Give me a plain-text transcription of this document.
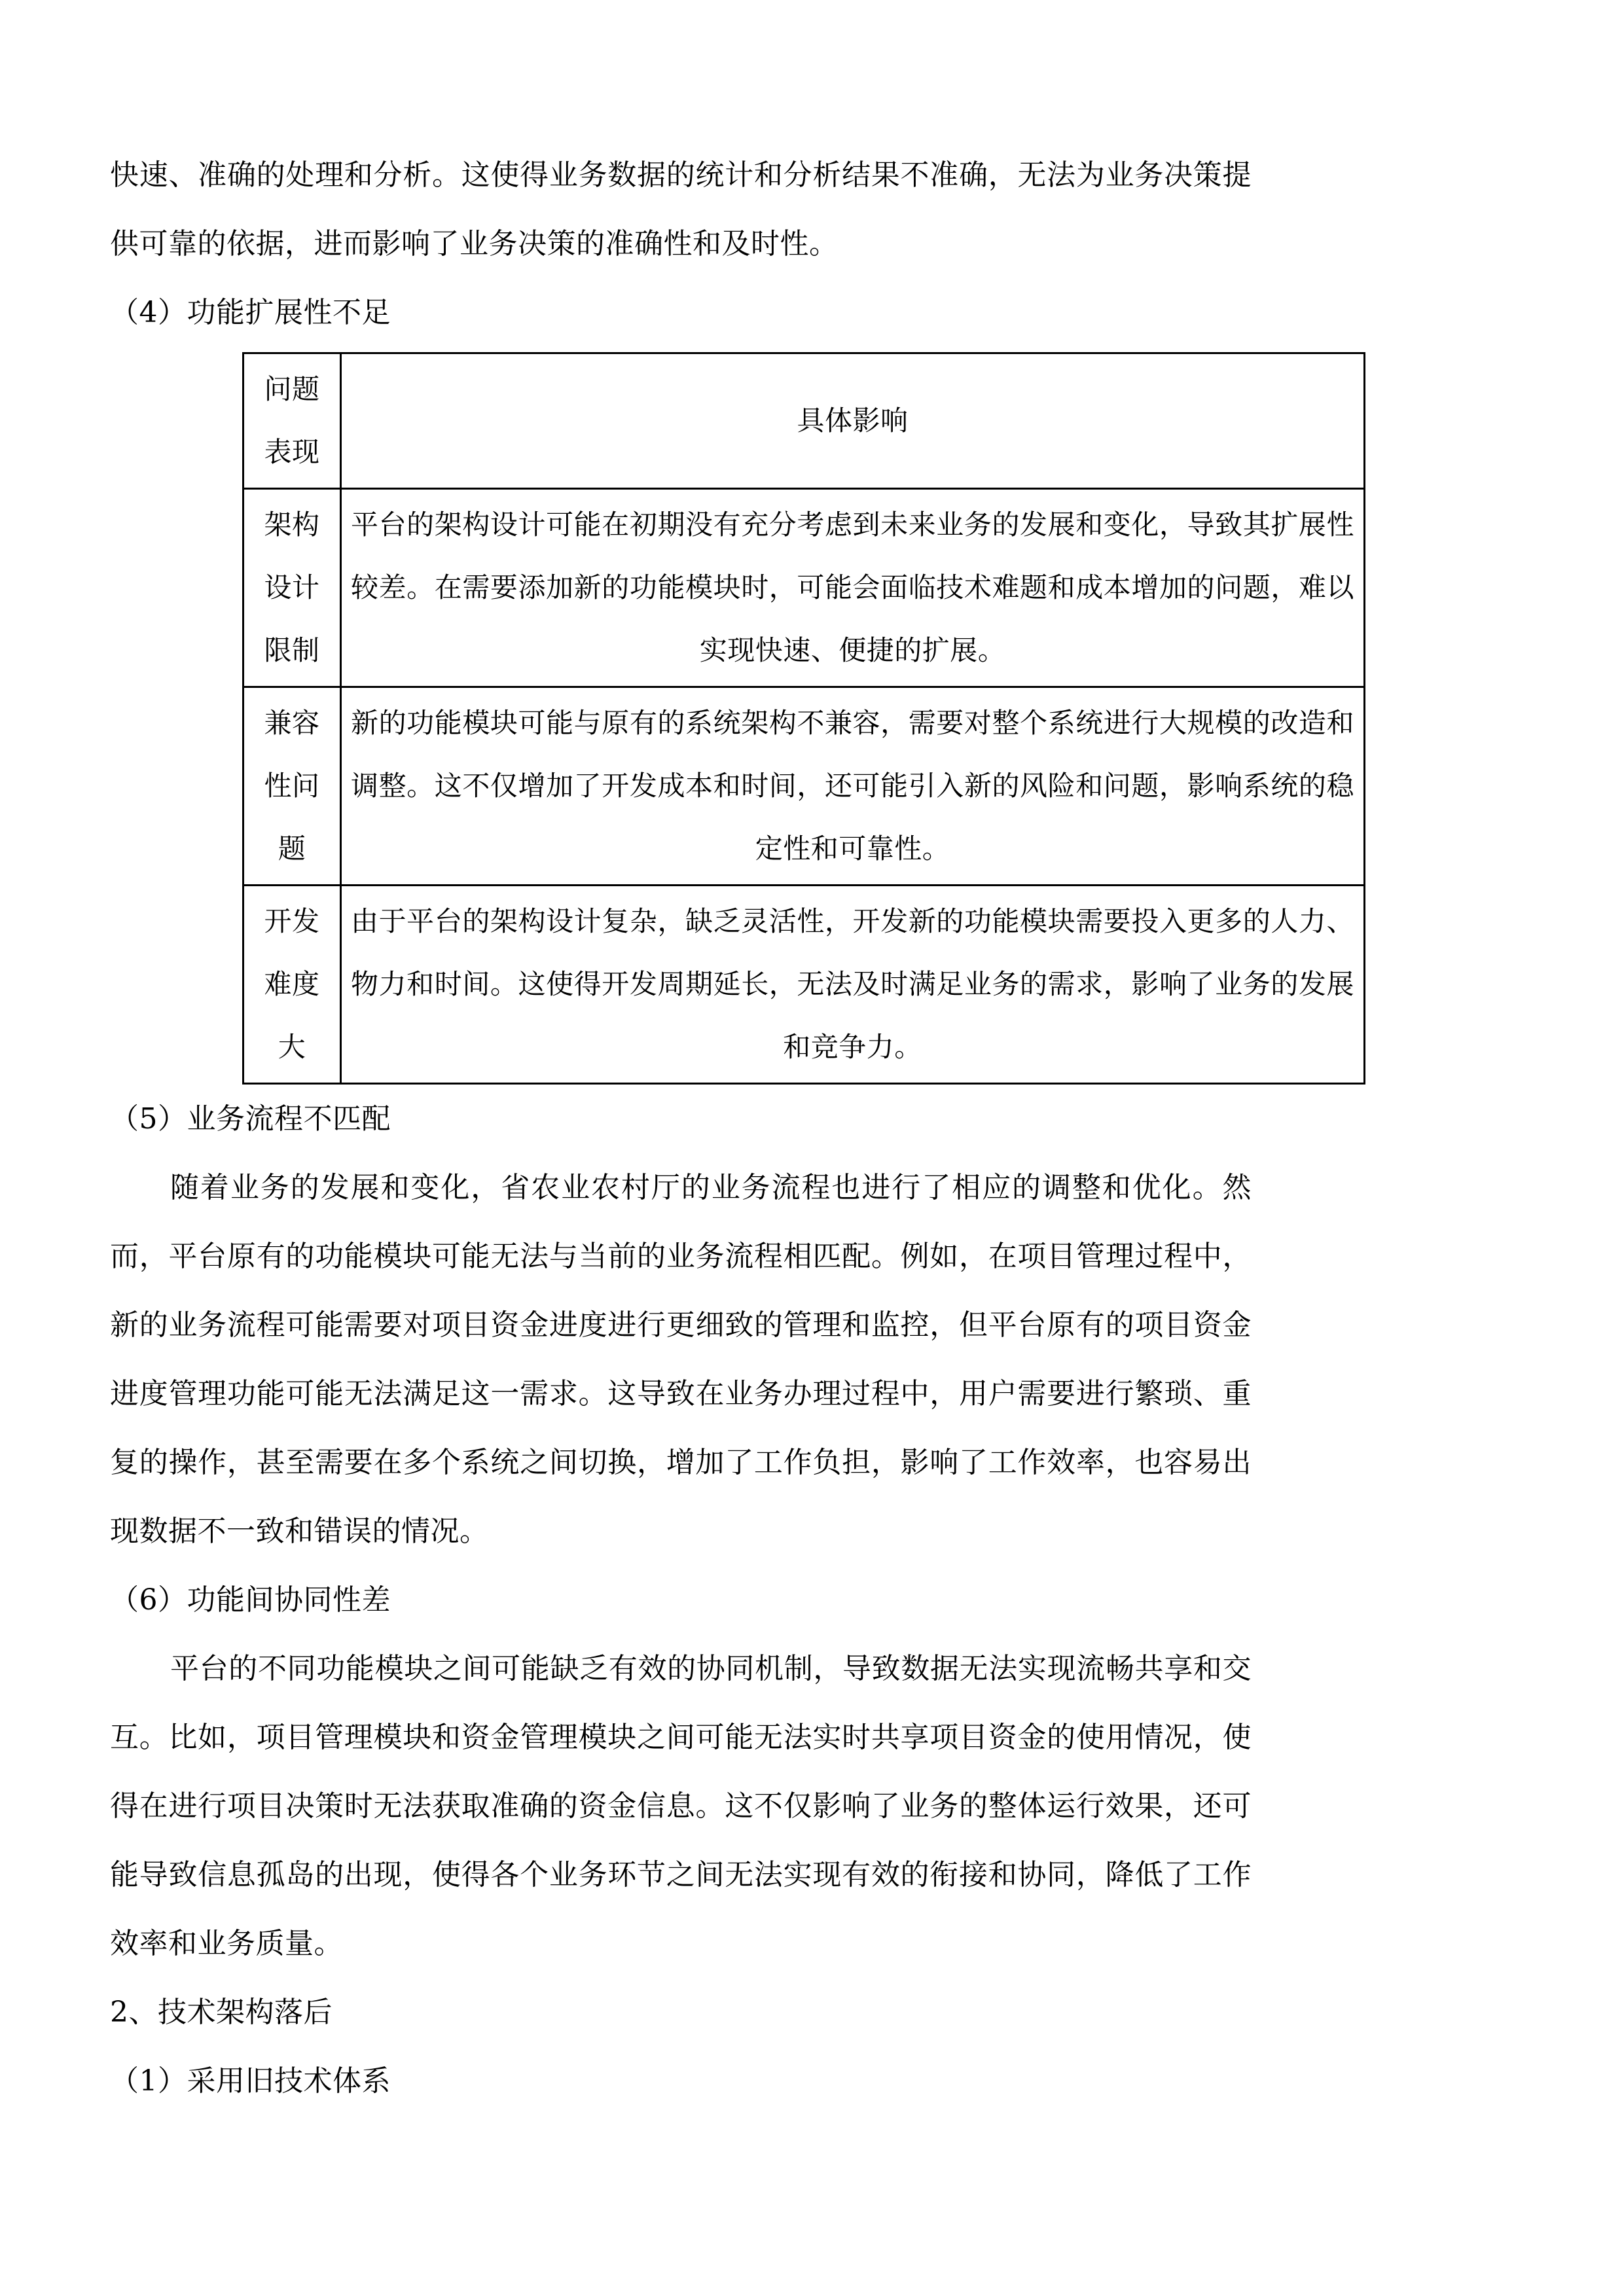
快速、准确的处理和分析。这使得业务数据的统计和分析结果不准确，无法为业务决策提供可靠的依据，进而影响了业务决策的准确性和及时性。

（4）功能扩展性不足

问题表现	具体影响
架构设计限制	平台的架构设计可能在初期没有充分考虑到未来业务的发展和变化，导致其扩展性较差。在需要添加新的功能模块时，可能会面临技术难题和成本增加的问题，难以实现快速、便捷的扩展。
兼容性问题	新的功能模块可能与原有的系统架构不兼容，需要对整个系统进行大规模的改造和调整。这不仅增加了开发成本和时间，还可能引入新的风险和问题，影响系统的稳定性和可靠性。
开发难度大	由于平台的架构设计复杂，缺乏灵活性，开发新的功能模块需要投入更多的人力、物力和时间。这使得开发周期延长，无法及时满足业务的需求，影响了业务的发展和竞争力。

（5）业务流程不匹配

随着业务的发展和变化，省农业农村厅的业务流程也进行了相应的调整和优化。然而，平台原有的功能模块可能无法与当前的业务流程相匹配。例如，在项目管理过程中，新的业务流程可能需要对项目资金进度进行更细致的管理和监控，但平台原有的项目资金进度管理功能可能无法满足这一需求。这导致在业务办理过程中，用户需要进行繁琐、重复的操作，甚至需要在多个系统之间切换，增加了工作负担，影响了工作效率，也容易出现数据不一致和错误的情况。

（6）功能间协同性差

平台的不同功能模块之间可能缺乏有效的协同机制，导致数据无法实现流畅共享和交互。比如，项目管理模块和资金管理模块之间可能无法实时共享项目资金的使用情况，使得在进行项目决策时无法获取准确的资金信息。这不仅影响了业务的整体运行效果，还可能导致信息孤岛的出现，使得各个业务环节之间无法实现有效的衔接和协同，降低了工作效率和业务质量。

2、技术架构落后

（1）采用旧技术体系
